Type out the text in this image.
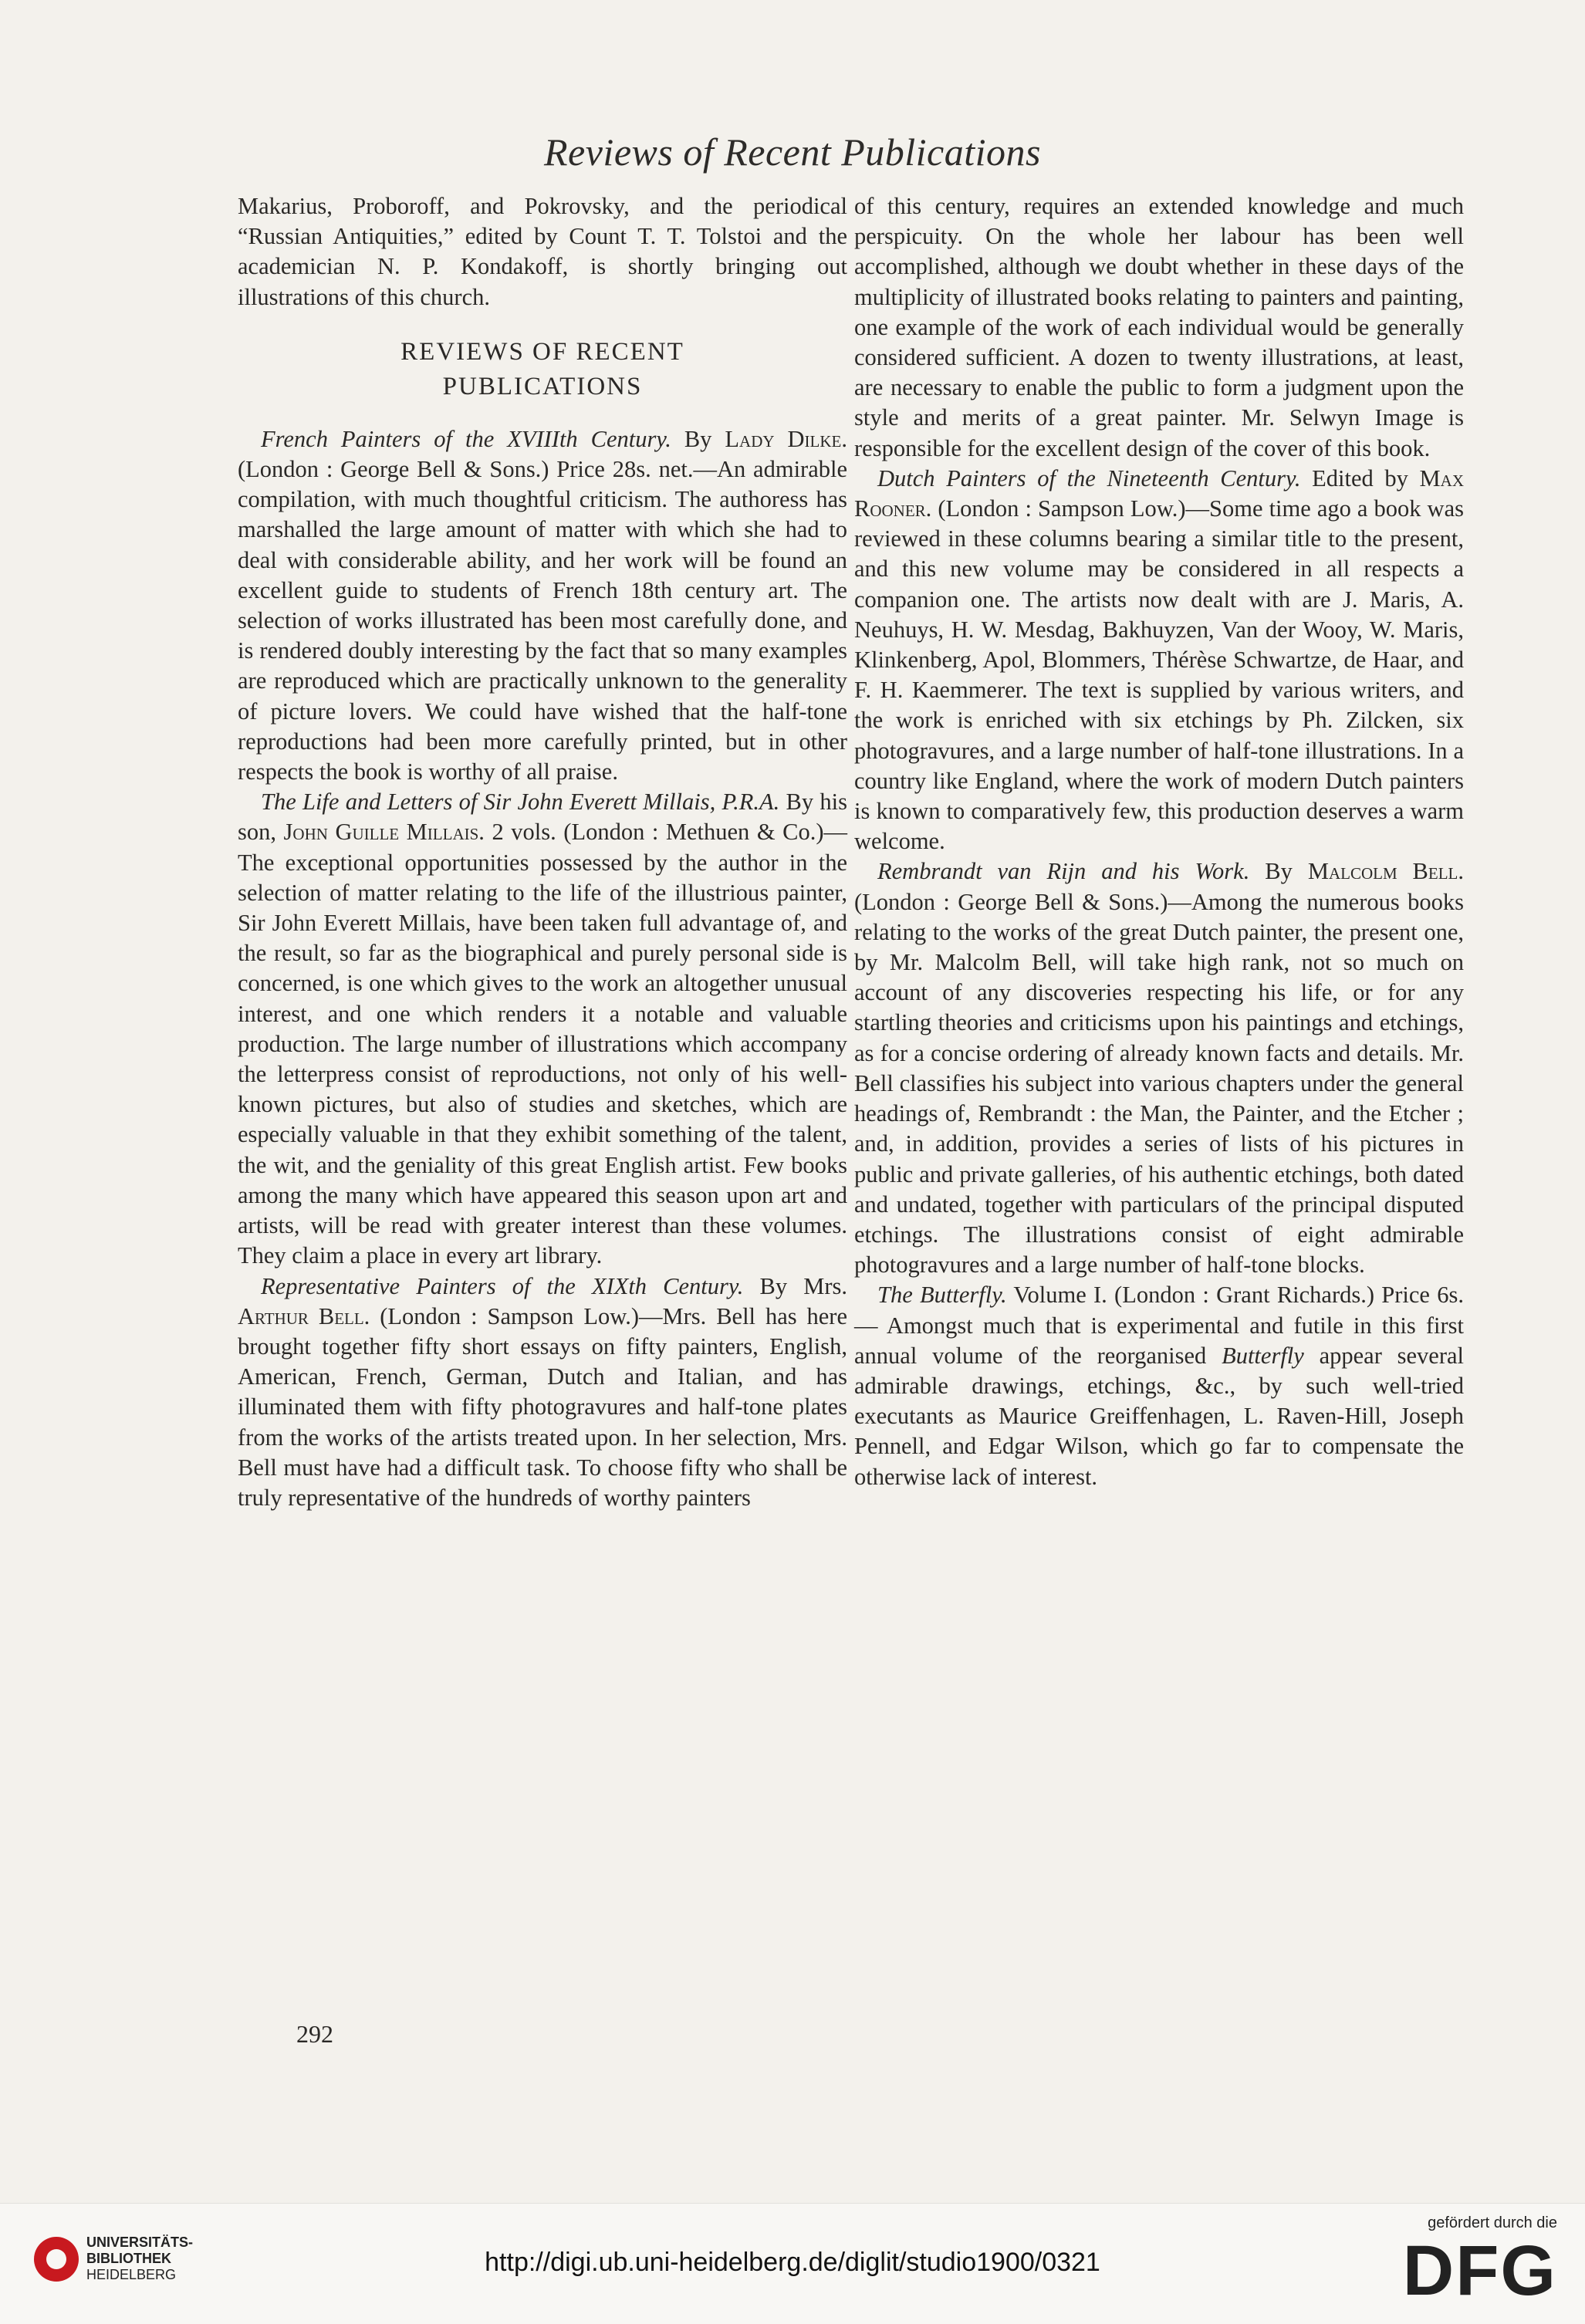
Reviews of Recent Publications

Makarius, Proboroff, and Pokrovsky, and the periodical “Russian Antiquities,” edited by Count T. T. Tolstoi and the academician N. P. Kondakoff, is shortly bringing out illustrations of this church.

REVIEWS OF RECENT
PUBLICATIONS

French Painters of the XVIIIth Century. By Lady Dilke. (London : George Bell & Sons.) Price 28s. net.—An admirable compilation, with much thoughtful criticism. The authoress has marshalled the large amount of matter with which she had to deal with considerable ability, and her work will be found an excellent guide to students of French 18th century art. The selection of works illustrated has been most carefully done, and is rendered doubly interesting by the fact that so many examples are reproduced which are practically unknown to the generality of picture lovers. We could have wished that the half-tone reproductions had been more carefully printed, but in other respects the book is worthy of all praise.

The Life and Letters of Sir John Everett Millais, P.R.A. By his son, John Guille Millais. 2 vols. (London : Methuen & Co.)—The exceptional opportunities possessed by the author in the selection of matter relating to the life of the illustrious painter, Sir John Everett Millais, have been taken full advantage of, and the result, so far as the biographical and purely personal side is concerned, is one which gives to the work an altogether unusual interest, and one which renders it a notable and valuable production. The large number of illustrations which accompany the letterpress consist of reproductions, not only of his well-known pictures, but also of studies and sketches, which are especially valuable in that they exhibit something of the talent, the wit, and the geniality of this great English artist. Few books among the many which have appeared this season upon art and artists, will be read with greater interest than these volumes. They claim a place in every art library.

Representative Painters of the XIXth Century. By Mrs. Arthur Bell. (London : Sampson Low.)—Mrs. Bell has here brought together fifty short essays on fifty painters, English, American, French, German, Dutch and Italian, and has illuminated them with fifty photogravures and half-tone plates from the works of the artists treated upon. In her selection, Mrs. Bell must have had a difficult task. To choose fifty who shall be truly representative of the hundreds of worthy painters

of this century, requires an extended knowledge and much perspicuity. On the whole her labour has been well accomplished, although we doubt whether in these days of the multiplicity of illustrated books relating to painters and painting, one example of the work of each individual would be generally considered sufficient. A dozen to twenty illustrations, at least, are necessary to enable the public to form a judgment upon the style and merits of a great painter. Mr. Selwyn Image is responsible for the excellent design of the cover of this book.

Dutch Painters of the Nineteenth Century. Edited by Max Rooner. (London : Sampson Low.)—Some time ago a book was reviewed in these columns bearing a similar title to the present, and this new volume may be considered in all respects a companion one. The artists now dealt with are J. Maris, A. Neuhuys, H. W. Mesdag, Bakhuyzen, Van der Wooy, W. Maris, Klinkenberg, Apol, Blommers, Thérèse Schwartze, de Haar, and F. H. Kaemmerer. The text is supplied by various writers, and the work is enriched with six etchings by Ph. Zilcken, six photogravures, and a large number of half-tone illustrations. In a country like England, where the work of modern Dutch painters is known to comparatively few, this production deserves a warm welcome.

Rembrandt van Rijn and his Work. By Malcolm Bell. (London : George Bell & Sons.)—Among the numerous books relating to the works of the great Dutch painter, the present one, by Mr. Malcolm Bell, will take high rank, not so much on account of any discoveries respecting his life, or for any startling theories and criticisms upon his paintings and etchings, as for a concise ordering of already known facts and details. Mr. Bell classifies his subject into various chapters under the general headings of, Rembrandt : the Man, the Painter, and the Etcher ; and, in addition, provides a series of lists of his pictures in public and private galleries, of his authentic etchings, both dated and undated, together with particulars of the principal disputed etchings. The illustrations consist of eight admirable photogravures and a large number of half-tone blocks.

The Butterfly. Volume I. (London : Grant Richards.) Price 6s. — Amongst much that is experimental and futile in this first annual volume of the reorganised Butterfly appear several admirable drawings, etchings, &c., by such well-tried executants as Maurice Greiffenhagen, L. Raven-Hill, Joseph Pennell, and Edgar Wilson, which go far to compensate the otherwise lack of interest.

292
UNIVERSITÄTS-
BIBLIOTHEK
HEIDELBERG	http://digi.ub.uni-heidelberg.de/diglit/studio1900/0321
gefördert durch die
DFG
